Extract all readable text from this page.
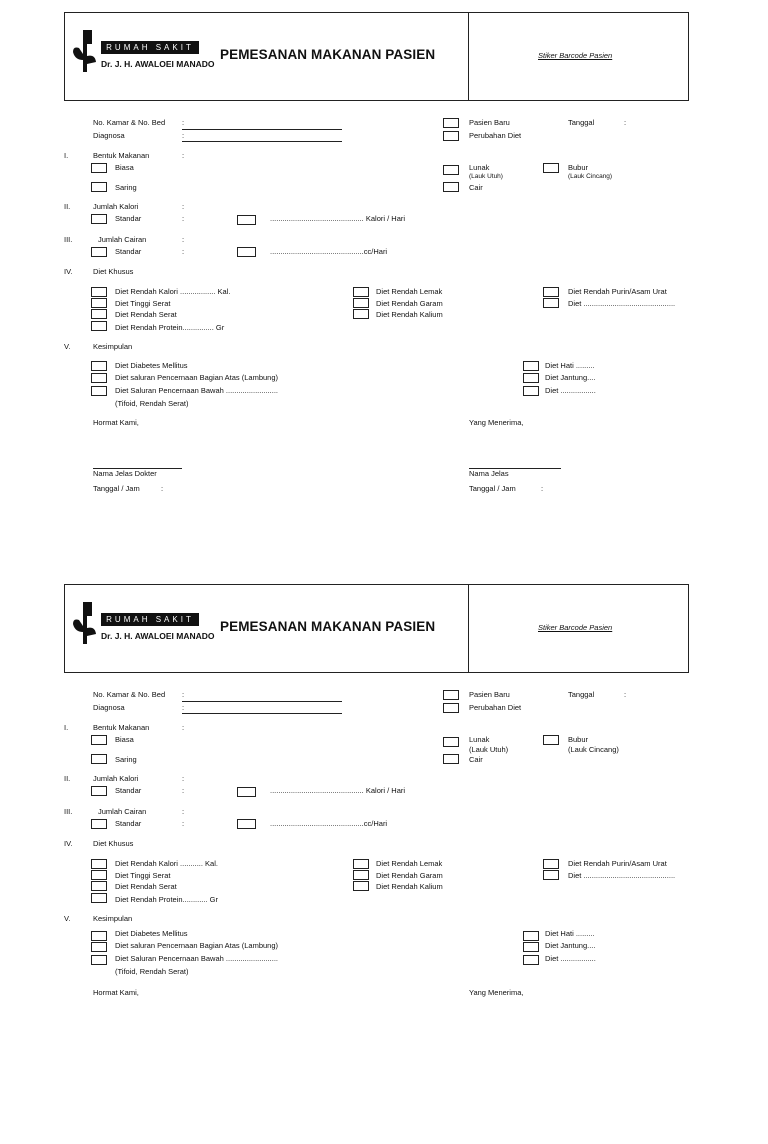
RUMAH SAKIT
Dr. J. H. AWALOEI MANADO
PEMESANAN MAKANAN PASIEN	Stiker Barcode Pasien
No. Kamar & No. Bed :
Diagnosa	:
Pasien Baru	Tanggal	:
Perubahan Diet
I.	Bentuk Makanan	:
Biasa
Saring
Lunak
(Lauk Utuh)
Cair
Bubur
(Lauk Cincang)
II.	Jumlah Kalori	:
Standar	:	............................................. Kalori / Hari
III.	Jumlah Cairan	:
Standar	:	.............................................cc/Hari
IV.	Diet Khusus
Diet Rendah Kalori ................. Kal.
Diet Tinggi Serat
Diet Rendah Serat
Diet Rendah Protein............... Gr
Diet Rendah Lemak
Diet Rendah Garam
Diet Rendah Kalium
Diet Rendah Purin/Asam Urat
Diet ............................................
V.	Kesimpulan
Diet Diabetes Mellitus
Diet saluran Pencernaan Bagian Atas (Lambung)
Diet Saluran Pencernaan Bawah .........................
(Tifoid, Rendah Serat)
Diet Hati .........
Diet Jantung....
Diet .................
Hormat Kami,	Yang Menerima,
Nama Jelas Dokter	Nama Jelas
Tanggal / Jam	:	Tanggal / Jam	:
RUMAH SAKIT
Dr. J. H. AWALOEI MANADO
PEMESANAN MAKANAN PASIEN	Stiker Barcode Pasien
No. Kamar & No. Bed :
Diagnosa	:
Pasien Baru	Tanggal	:
Perubahan Diet
I.	Bentuk Makanan	:
Biasa
Saring
Lunak
(Lauk Utuh)
Cair
Bubur
(Lauk Cincang)
II.	Jumlah Kalori	:
Standar	:	............................................. Kalori / Hari
III.	Jumlah Cairan	:
Standar	:	.............................................cc/Hari
IV.	Diet Khusus
Diet Rendah Kalori ........... Kal.
Diet Tinggi Serat
Diet Rendah Serat
Diet Rendah Protein............ Gr
Diet Rendah Lemak
Diet Rendah Garam
Diet Rendah Kalium
Diet Rendah Purin/Asam Urat
Diet ............................................
V.	Kesimpulan
Diet Diabetes Mellitus
Diet saluran Pencernaan Bagian Atas (Lambung)
Diet Saluran Pencernaan Bawah .........................
(Tifoid, Rendah Serat)
Diet Hati .........
Diet Jantung....
Diet .................
Hormat Kami,	Yang Menerima,
